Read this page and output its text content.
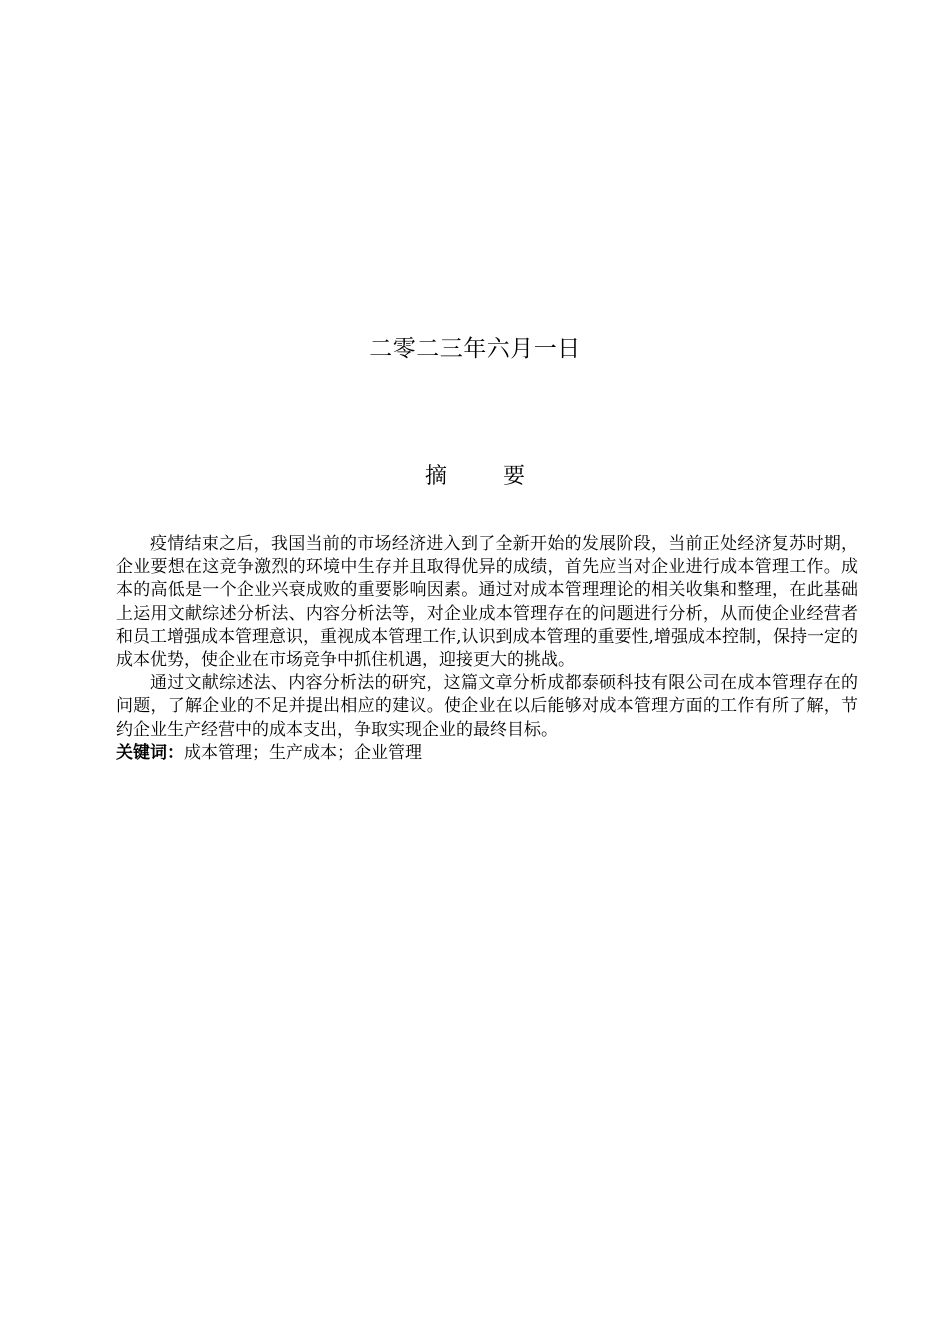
二零二三年六月一日
摘	要

疫情结束之后，我国当前的市场经济进入到了全新开始的发展阶段，当前正处经济复苏时期，企业要想在这竞争激烈的环境中生存并且取得优异的成绩，首先应当对企业进行成本管理工作。成本的高低是一个企业兴衰成败的重要影响因素。通过对成本管理理论的相关收集和整理，在此基础上运用文献综述分析法、内容分析法等，对企业成本管理存在的问题进行分析，从而使企业经营者和员工增强成本管理意识，重视成本管理工作,认识到成本管理的重要性,增强成本控制，保持一定的成本优势，使企业在市场竞争中抓住机遇，迎接更大的挑战。

通过文献综述法、内容分析法的研究，这篇文章分析成都泰硕科技有限公司在成本管理存在的问题，了解企业的不足并提出相应的建议。使企业在以后能够对成本管理方面的工作有所了解，节约企业生产经营中的成本支出，争取实现企业的最终目标。

关键词：成本管理；生产成本；企业管理
